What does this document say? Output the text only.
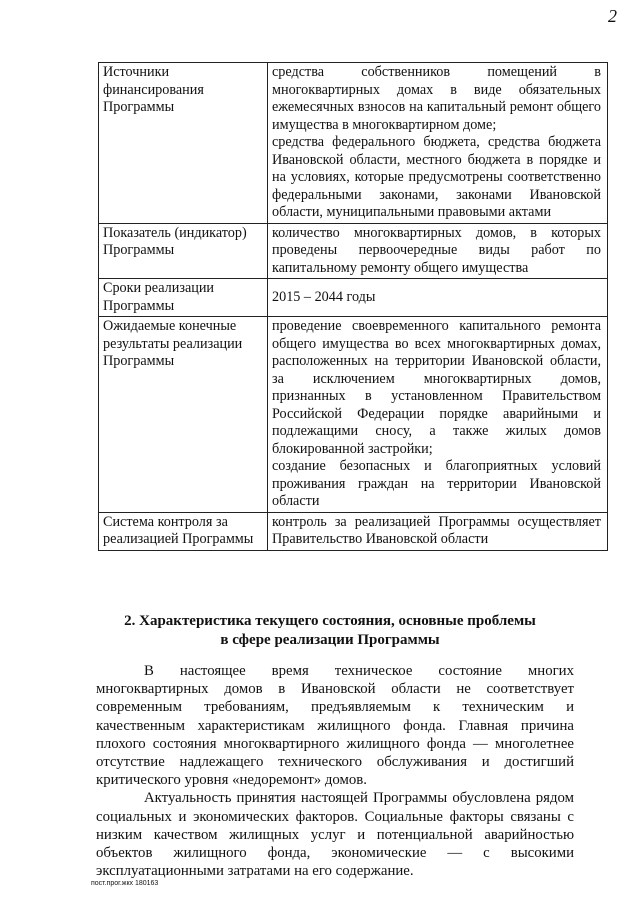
2
Источники финансирования Программы	средства собственников помещений в многоквартирных домах в виде обязательных ежемесячных взносов на капитальный ремонт общего имущества в многоквартирном доме;
средства федерального бюджета, средства бюджета Ивановской области, местного бюджета в порядке и на условиях, которые предусмотрены соответственно федеральными законами, законами Ивановской области, муниципальными правовыми актами

Показатель (индикатор) Программы	количество многоквартирных домов, в которых проведены первоочередные виды работ по капитальному ремонту общего имущества

Сроки реализации Программы	2015 – 2044 годы

Ожидаемые конечные результаты реализации Программы	проведение своевременного капитального ремонта общего имущества во всех многоквартирных домах, расположенных на территории Ивановской области, за исключением многоквартирных домов, признанных в установленном Правительством Российской Федерации порядке аварийными и подлежащими сносу, а также жилых домов блокированной застройки;
создание безопасных и благоприятных условий проживания граждан на территории Ивановской области

Система контроля за реализацией Программы	контроль за реализацией Программы осуществляет Правительство Ивановской области
2. Характеристика текущего состояния, основные проблемы
в сфере реализации Программы

В настоящее время техническое состояние многих многоквартирных домов в Ивановской области не соответствует современным требованиям, предъявляемым к техническим и качественным характеристикам жилищного фонда. Главная причина плохого состояния многоквартирного жилищного фонда — многолетнее отсутствие надлежащего технического обслуживания и достигший критического уровня «недоремонт» домов.

Актуальность принятия настоящей Программы обусловлена рядом социальных и экономических факторов. Социальные факторы связаны с низким качеством жилищных услуг и потенциальной аварийностью объектов жилищного фонда, экономические — с высокими эксплуатационными затратами на его содержание.

пост.прог.жкх 180163
